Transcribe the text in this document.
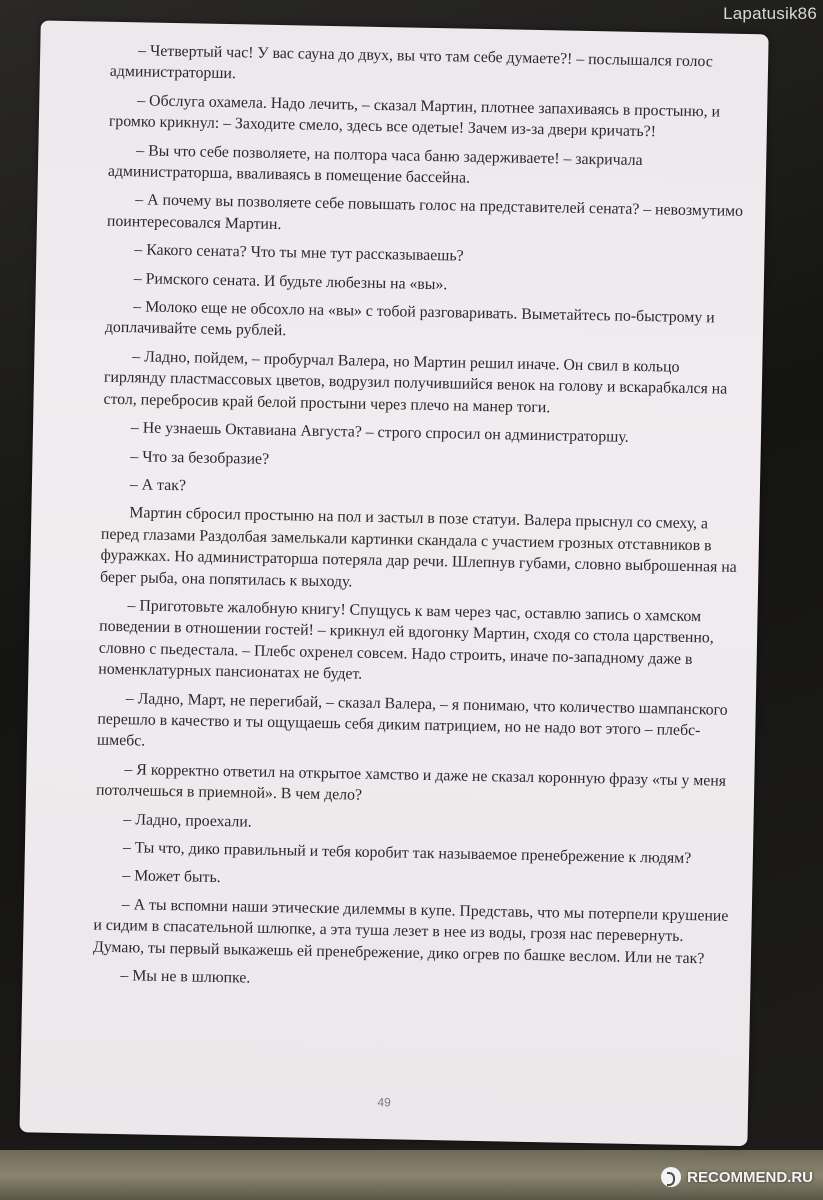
– Четвертый час! У вас сауна до двух, вы что там себе думаете?! – послышался голос администраторши.

– Обслуга охамела. Надо лечить, – сказал Мартин, плотнее запахиваясь в простыню, и громко крикнул: – Заходите смело, здесь все одетые! Зачем из-за двери кричать?!

– Вы что себе позволяете, на полтора часа баню задерживаете! – закричала администраторша, вваливаясь в помещение бассейна.

– А почему вы позволяете себе повышать голос на представителей сената? – невозмутимо поинтересовался Мартин.

– Какого сената? Что ты мне тут рассказываешь?

– Римского сената. И будьте любезны на «вы».

– Молоко еще не обсохло на «вы» с тобой разговаривать. Выметайтесь по-быстрому и доплачивайте семь рублей.

– Ладно, пойдем, – пробурчал Валера, но Мартин решил иначе. Он свил в кольцо гирлянду пластмассовых цветов, водрузил получившийся венок на голову и вскарабкался на стол, перебросив край белой простыни через плечо на манер тоги.

– Не узнаешь Октавиана Августа? – строго спросил он администраторшу.

– Что за безобразие?

– А так?

Мартин сбросил простыню на пол и застыл в позе статуи. Валера прыснул со смеху, а перед глазами Раздолбая замелькали картинки скандала с участием грозных отставников в фуражках. Но администраторша потеряла дар речи. Шлепнув губами, словно выброшенная на берег рыба, она попятилась к выходу.

– Приготовьте жалобную книгу! Спущусь к вам через час, оставлю запись о хамском поведении в отношении гостей! – крикнул ей вдогонку Мартин, сходя со стола царственно, словно с пьедестала. – Плебс охренел совсем. Надо строить, иначе по-западному даже в номенклатурных пансионатах не будет.

– Ладно, Март, не перегибай, – сказал Валера, – я понимаю, что количество шампанского перешло в качество и ты ощущаешь себя диким патрицием, но не надо вот этого – плебс-шмебс.

– Я корректно ответил на открытое хамство и даже не сказал коронную фразу «ты у меня потолчешься в приемной». В чем дело?

– Ладно, проехали.

– Ты что, дико правильный и тебя коробит так называемое пренебрежение к людям?

– Может быть.

– А ты вспомни наши этические дилеммы в купе. Представь, что мы потерпели крушение и сидим в спасательной шлюпке, а эта туша лезет в нее из воды, грозя нас перевернуть. Думаю, ты первый выкажешь ей пренебрежение, дико огрев по башке веслом. Или не так?

– Мы не в шлюпке.

49
Lapatusik86
RECOMMEND.RU
